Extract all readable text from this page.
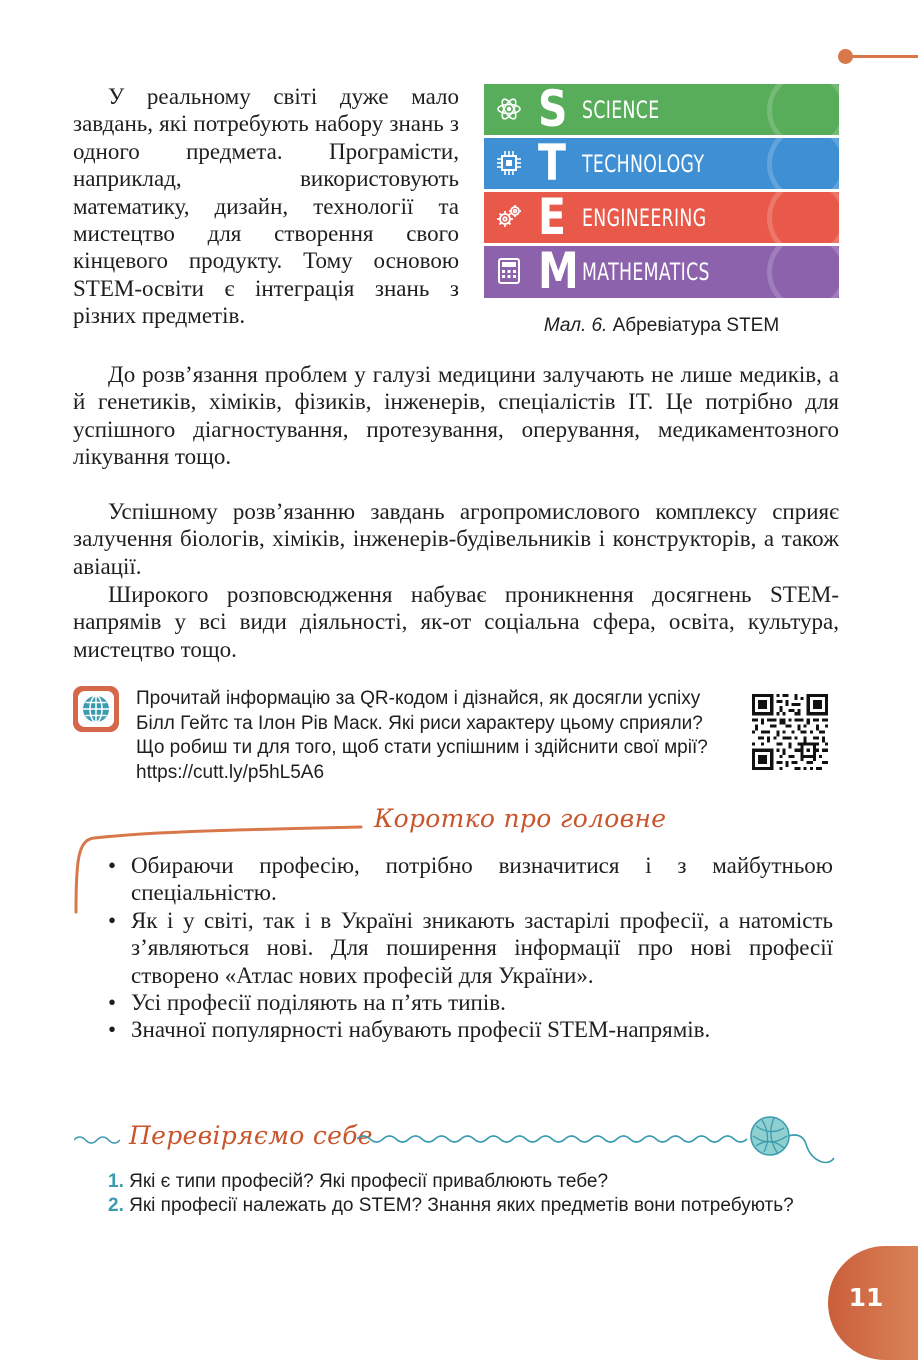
У реальному світі дуже мало завдань, які потребують набору знань з одного предмета. Програмісти, наприклад, використовують математику, дизайн, технології та мистецтво для створення свого кінцевого продукту. Тому основою STEM-освіти є інтеграція знань з різних предметів.

S SCIENCE
T TECHNOLOGY
E ENGINEERING
M MATHEMATICS
Мал. 6. Абревіатура STEM

До розв’язання проблем у галузі медицини залучають не лише медиків, а й генетиків, хіміків, фізиків, інженерів, спеціалістів ІТ. Це потрібно для успішного діагностування, протезування, оперування, медикаментозного лікування тощо.

Успішному розв’язанню завдань агропромислового комплексу сприяє залучення біологів, хіміків, інженерів-будівельників і конструкторів, а також авіації.

Широкого розповсюдження набуває проникнення досягнень STEM-напрямів у всі види діяльності, як-от соціальна сфера, освіта, культура, мистецтво тощо.

Прочитай інформацію за QR-кодом і дізнайся, як досягли успіху Білл Гейтс та Ілон Рів Маск. Які риси характеру цьому сприяли? Що робиш ти для того, щоб стати успішним і здійснити свої мрії? https://cutt.ly/p5hL5A6
Коротко про головне
• Обираючи професію, потрібно визначитися і з майбутньою спеціальністю.
• Як і у світі, так і в Україні зникають застарілі професії, а натомість з’являються нові. Для поширення інформації про нові професії створено «Атлас нових професій для України».
• Усі професії поділяють на п’ять типів.
• Значної популярності набувають професії STEM-напрямів.
Перевіряємо себе

1. Які є типи професій? Які професії приваблюють тебе?

2. Які професії належать до STEM? Знання яких предметів вони потребують?

11
